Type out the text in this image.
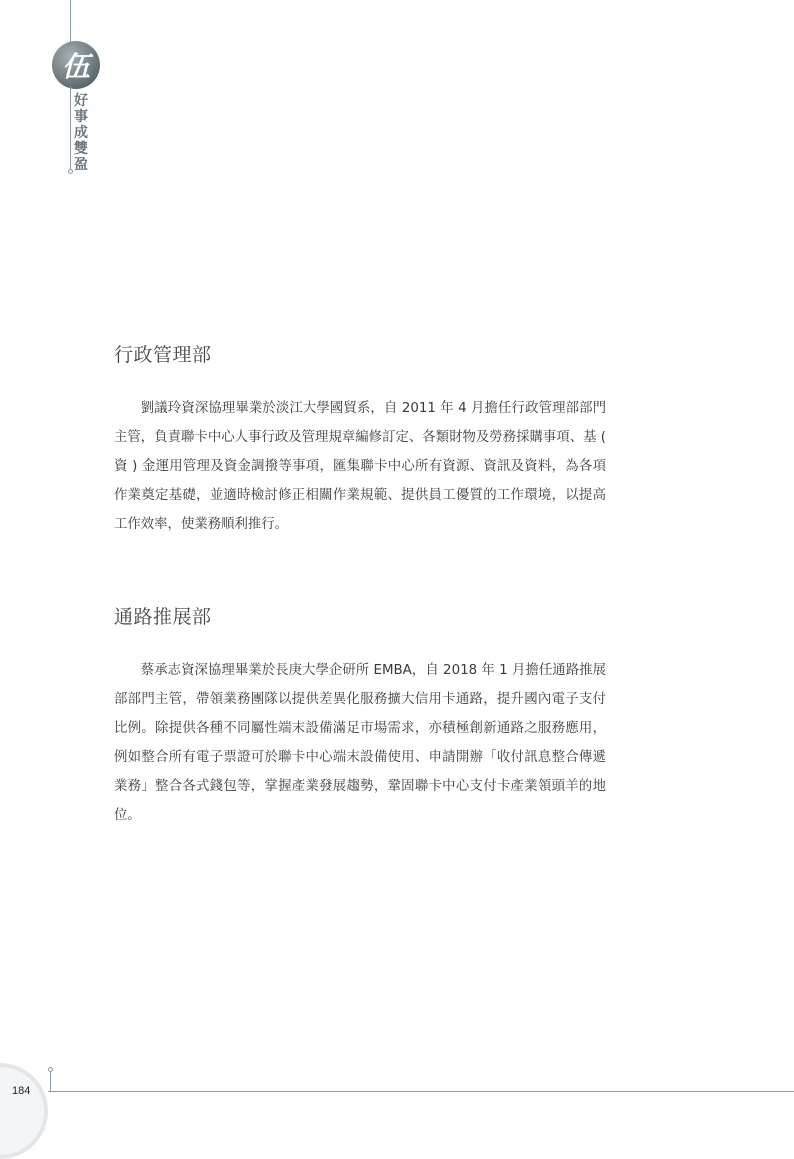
伍
好
事
成
雙
盈
行政管理部

劉議玲資深協理畢業於淡江大學國貿系，自 2011 年 4 月擔任行政管理部部門主管，負責聯卡中心人事行政及管理規章編修訂定、各類財物及勞務採購事項、基 ( 資 ) 金運用管理及資金調撥等事項，匯集聯卡中心所有資源、資訊及資料，為各項作業奠定基礎，並適時檢討修正相關作業規範、提供員工優質的工作環境，以提高工作效率，使業務順利推行。

通路推展部

蔡承志資深協理畢業於長庚大學企研所 EMBA，自 2018 年 1 月擔任通路推展部部門主管，帶領業務團隊以提供差異化服務擴大信用卡通路，提升國內電子支付比例。除提供各種不同屬性端末設備滿足市場需求，亦積極創新通路之服務應用，例如整合所有電子票證可於聯卡中心端末設備使用、申請開辦「收付訊息整合傳遞業務」整合各式錢包等，掌握產業發展趨勢，鞏固聯卡中心支付卡產業領頭羊的地位。

184
